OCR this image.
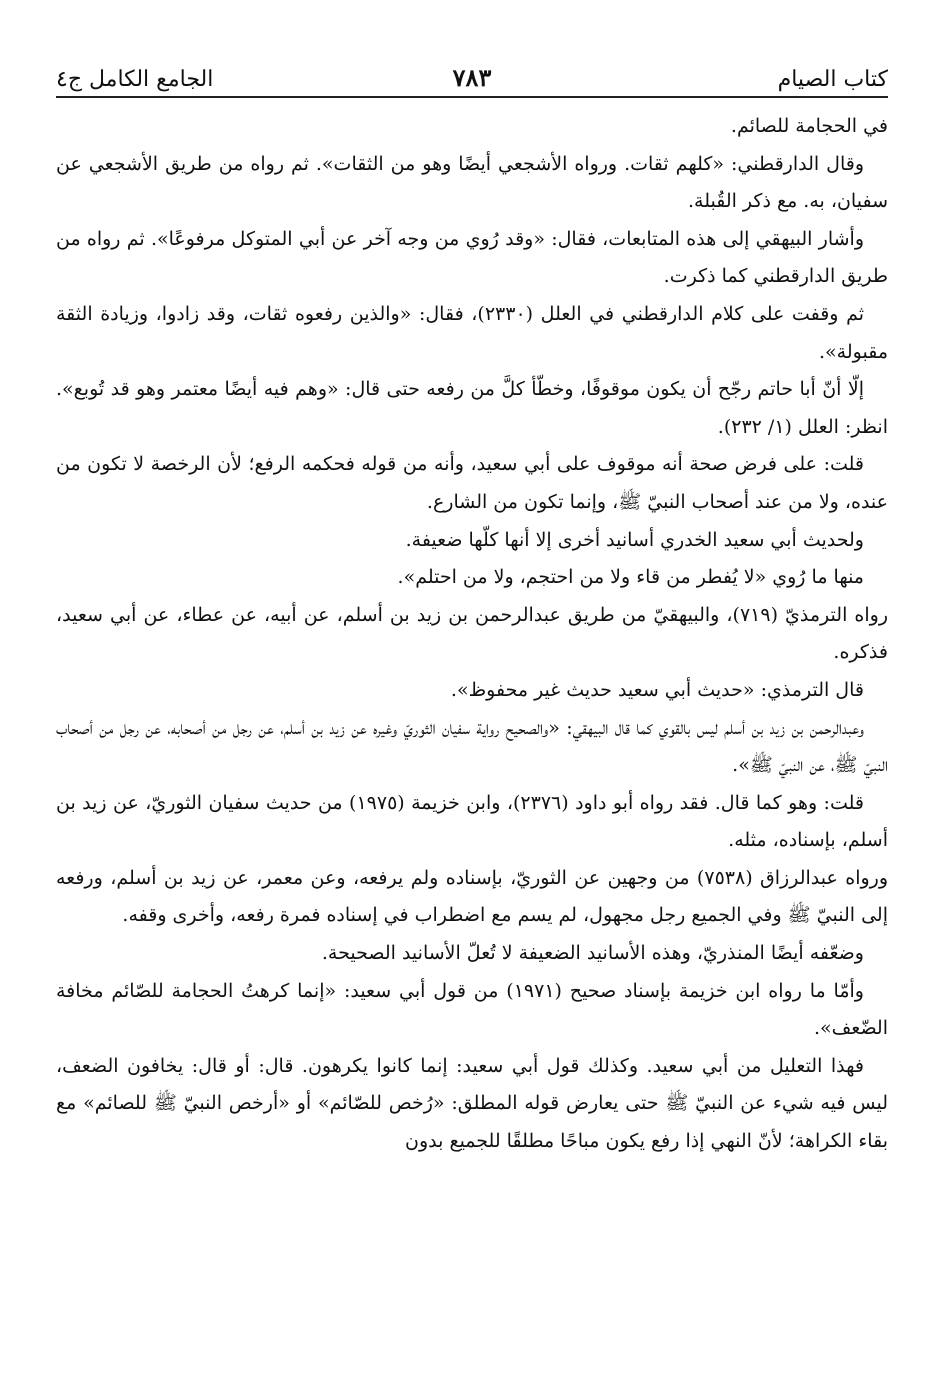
كتاب الصيام
٧٨٣
الجامع الكامل ج٤

في الحجامة للصائم.

وقال الدارقطني: «كلهم ثقات. ورواه الأشجعي أيضًا وهو من الثقات». ثم رواه من طريق الأشجعي عن سفيان، به. مع ذكر القُبلة.

وأشار البيهقي إلى هذه المتابعات، فقال: «وقد رُوي من وجه آخر عن أبي المتوكل مرفوعًا». ثم رواه من طريق الدارقطني كما ذكرت.

ثم وقفت على كلام الدارقطني في العلل (٢٣٣٠)، فقال: «والذين رفعوه ثقات، وقد زادوا، وزيادة الثقة مقبولة».

إلّا أنّ أبا حاتم رجّح أن يكون موقوفًا، وخطّأ كلَّ من رفعه حتى قال: «وهم فيه أيضًا معتمر وهو قد تُوبع». انظر: العلل (١/ ٢٣٢).

قلت: على فرض صحة أنه موقوف على أبي سعيد، وأنه من قوله فحكمه الرفع؛ لأن الرخصة لا تكون من عنده، ولا من عند أصحاب النبيّ ﷺ، وإنما تكون من الشارع.

ولحديث أبي سعيد الخدري أسانيد أخرى إلا أنها كلّها ضعيفة.

منها ما رُوي «لا يُفطر من قاء ولا من احتجم، ولا من احتلم».

رواه الترمذيّ (٧١٩)، والبيهقيّ من طريق عبدالرحمن بن زيد بن أسلم، عن أبيه، عن عطاء، عن أبي سعيد، فذكره.

قال الترمذي: «حديث أبي سعيد حديث غير محفوظ».

وعبدالرحمن بن زيد بن أسلم ليس بالقوي كما قال البيهقي: «والصحيح رواية سفيان الثوريّ وغيره عن زيد بن أسلم، عن رجل من أصحابه، عن رجل من أصحاب النبيّ ﷺ، عن النبيّ ﷺ».

قلت: وهو كما قال. فقد رواه أبو داود (٢٣٧٦)، وابن خزيمة (١٩٧٥) من حديث سفيان الثوريّ، عن زيد بن أسلم، بإسناده، مثله.

ورواه عبدالرزاق (٧٥٣٨) من وجهين عن الثوريّ، بإسناده ولم يرفعه، وعن معمر، عن زيد بن أسلم، ورفعه إلى النبيّ ﷺ وفي الجميع رجل مجهول، لم يسم مع اضطراب في إسناده فمرة رفعه، وأخرى وقفه.

وضعّفه أيضًا المنذريّ، وهذه الأسانيد الضعيفة لا تُعلّ الأسانيد الصحيحة.

وأمّا ما رواه ابن خزيمة بإسناد صحيح (١٩٧١) من قول أبي سعيد: «إنما كرهتُ الحجامة للصّائم مخافة الضّعف».

فهذا التعليل من أبي سعيد. وكذلك قول أبي سعيد: إنما كانوا يكرهون. قال: أو قال: يخافون الضعف، ليس فيه شيء عن النبيّ ﷺ حتى يعارض قوله المطلق: «رُخص للصّائم» أو «أرخص النبيّ ﷺ للصائم» مع بقاء الكراهة؛ لأنّ النهي إذا رفع يكون مباحًا مطلقًا للجميع بدون
